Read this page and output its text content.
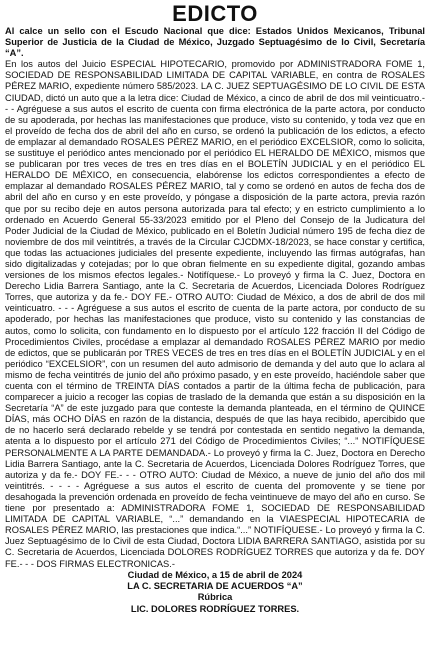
EDICTO

Al calce un sello con el Escudo Nacional que dice: Estados Unidos Mexicanos, Tribunal Superior de Justicia de la Ciudad de México, Juzgado Septuagésimo de lo Civil, Secretaría “A”.

En los autos del Juicio ESPECIAL HIPOTECARIO, promovido por ADMINISTRADORA FOME 1, SOCIEDAD DE RESPONSABILIDAD LIMITADA DE CAPITAL VARIABLE, en contra de ROSALES PÉREZ MARIO, expediente número 585/2023. LA C. JUEZ SEPTUAGÉSIMO DE LO CIVIL DE ESTA CIUDAD, dictó un auto que a la letra dice: Ciudad de México, a cinco de abril de dos mil veinticuatro.- - - Agréguese a sus autos el escrito de cuenta con firma electrónica de la parte actora, por conducto de su apoderada, por hechas las manifestaciones que produce, visto su contenido, y toda vez que en el proveído de fecha dos de abril del año en curso, se ordenó la publicación de los edictos, a efecto de emplazar al demandado ROSALES PÉREZ MARIO, en el periódico EXCELSIOR, como lo solicita, se sustituye el periódico antes mencionado por el periódico EL HERALDO DE MÉXICO, mismos que se publicaran por tres veces de tres en tres días en el BOLETÍN JUDICIAL y en el periódico EL HERALDO DE MÉXICO, en consecuencia, elabórense los edictos correspondientes a efecto de emplazar al demandado ROSALES PÉREZ MARIO, tal y como se ordenó en autos de fecha dos de abril del año en curso y en este proveído, y póngase a disposición de la parte actora, previa razón que por su recibo deje en autos persona autorizada para tal efecto; y en estricto cumplimiento a lo ordenado en Acuerdo General 55-33/2023 emitido por el Pleno del Consejo de la Judicatura del Poder Judicial de la Ciudad de México, publicado en el Boletín Judicial número 195 de fecha diez de noviembre de dos mil veintitrés, a través de la Circular CJCDMX-18/2023, se hace constar y certifica, que todas las actuaciones judiciales del presente expediente, incluyendo las firmas autógrafas, han sido digitalizadas y cotejadas; por lo que obran fielmente en su expediente digital, gozando ambas versiones de los mismos efectos legales.- Notifíquese.- Lo proveyó y firma la C. Juez, Doctora en Derecho Lidia Barrera Santiago, ante la C. Secretaria de Acuerdos, Licenciada Dolores Rodríguez Torres, que autoriza y da fe.- DOY FE.- OTRO AUTO: Ciudad de México, a dos de abril de dos mil veinticuatro. - - - Agréguese a sus autos el escrito de cuenta de la parte actora, por conducto de su apoderado, por hechas las manifestaciones que produce, visto su contenido y las constancias de autos, como lo solicita, con fundamento en lo dispuesto por el artículo 122 fracción II del Código de Procedimientos Civiles, procédase a emplazar al demandado ROSALES PÉREZ MARIO por medio de edictos, que se publicarán por TRES VECES de tres en tres días en el BOLETÍN JUDICIAL y en el periódico “EXCELSIOR”, con un resumen del auto admisorio de demanda y del auto que lo aclara al mismo de fecha veintitrés de junio del año próximo pasado, y en este proveído, haciéndole saber que cuenta con el término de TREINTA DÍAS contados a partir de la última fecha de publicación, para comparecer a juicio a recoger las copias de traslado de la demanda que están a su disposición en la Secretaría “A” de este juzgado para que conteste la demanda planteada, en el término de QUINCE DÍAS, más OCHO DÍAS en razón de la distancia, después de que las haya recibido, apercibido que de no hacerlo será declarado rebelde y se tendrá por contestada en sentido negativo la demanda, atenta a lo dispuesto por el artículo 271 del Código de Procedimientos Civiles; “...” NOTIFÍQUESE PERSONALMENTE A LA PARTE DEMANDADA.- Lo proveyó y firma la C. Juez, Doctora en Derecho Lidia Barrera Santiago, ante la C. Secretaria de Acuerdos, Licenciada Dolores Rodríguez Torres, que autoriza y da fe.- DOY FE.- - - OTRO AUTO: Ciudad de México, a nueve de junio del año dos mil veintitrés. - - - - Agréguese a sus autos el escrito de cuenta del promovente y se tiene por desahogada la prevención ordenada en proveído de fecha veintinueve de mayo del año en curso. Se tiene por presentado a: ADMINISTRADORA FOME 1, SOCIEDAD DE RESPONSABILIDAD LIMITADA DE CAPITAL VARIABLE, “...” demandando en la VIAESPECIAL HIPOTECARIA de ROSALES PÉREZ MARIO, las prestaciones que indica.“...” NOTIFÍQUESE.- Lo proveyó y firma la C. Juez Septuagésimo de lo Civil de esta Ciudad, Doctora LIDIA BARRERA SANTIAGO, asistida por su C. Secretaria de Acuerdos, Licenciada DOLORES RODRÍGUEZ TORRES que autoriza y da fe. DOY FE.- - - DOS FIRMAS ELECTRONICAS.-

Ciudad de México, a 15 de abril de 2024

LA C. SECRETARIA DE ACUERDOS “A”

Rúbrica

LIC. DOLORES RODRÍGUEZ TORRES.
